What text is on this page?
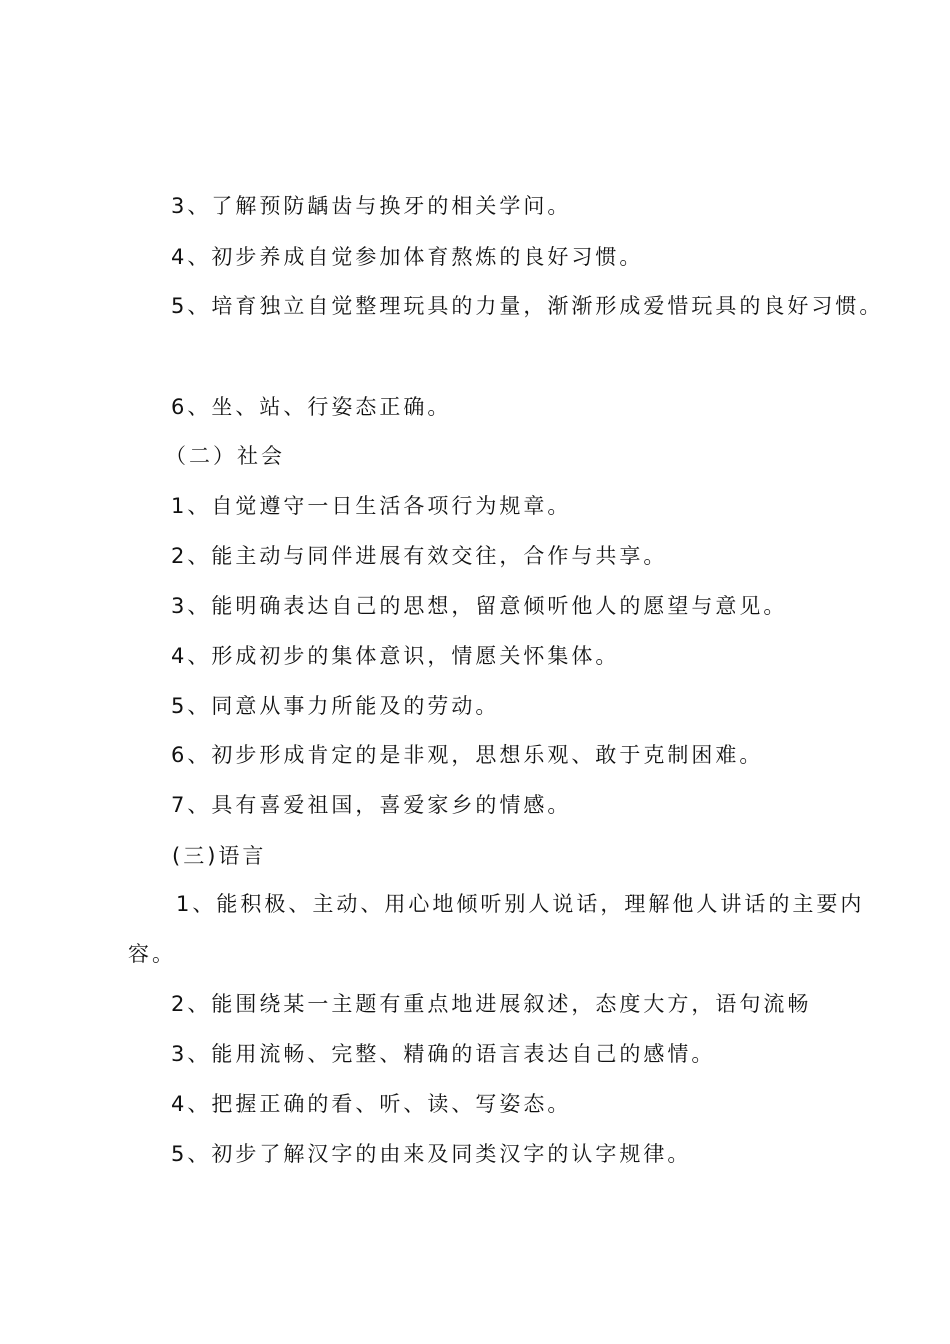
3、了解预防龋齿与换牙的相关学问。
4、初步养成自觉参加体育熬炼的良好习惯。
5、培育独立自觉整理玩具的力量，渐渐形成爱惜玩具的良好习惯。
6、坐、站、行姿态正确。
（二）社会
1、自觉遵守一日生活各项行为规章。
2、能主动与同伴进展有效交往，合作与共享。
3、能明确表达自己的思想，留意倾听他人的愿望与意见。
4、形成初步的集体意识，情愿关怀集体。
5、同意从事力所能及的劳动。
6、初步形成肯定的是非观，思想乐观、敢于克制困难。
7、具有喜爱祖国，喜爱家乡的情感。
(三)语言
1、能积极、主动、用心地倾听别人说话，理解他人讲话的主要内
容。
2、能围绕某一主题有重点地进展叙述，态度大方，语句流畅
3、能用流畅、完整、精确的语言表达自己的感情。
4、把握正确的看、听、读、写姿态。
5、初步了解汉字的由来及同类汉字的认字规律。
